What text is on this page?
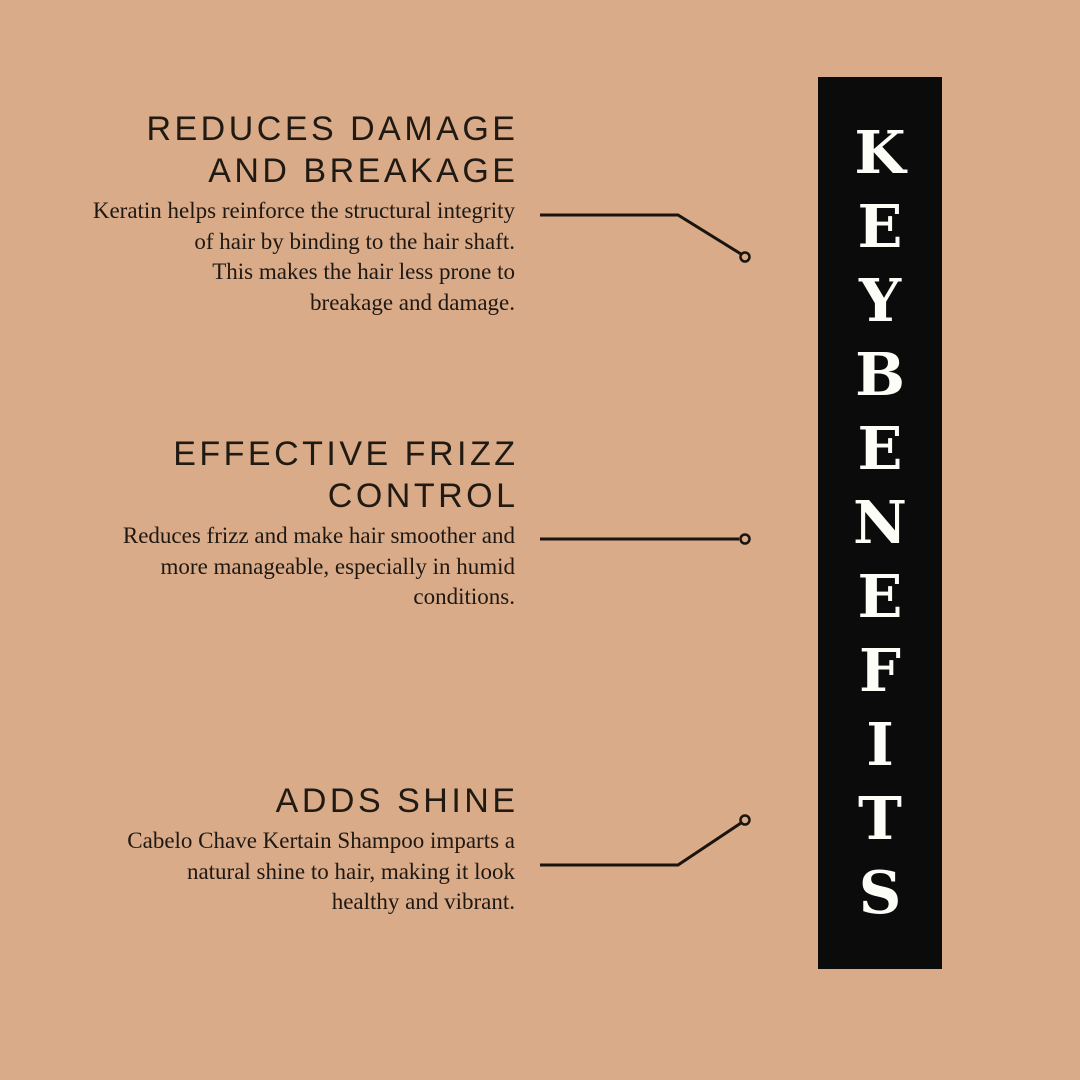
REDUCES DAMAGE
AND BREAKAGE

Keratin helps reinforce the structural integrity
of hair by binding to the hair shaft.
This makes the hair less prone to
breakage and damage.

EFFECTIVE FRIZZ
CONTROL

Reduces frizz and make hair smoother and
more manageable, especially in humid
conditions.

ADDS SHINE

Cabelo Chave Kertain Shampoo imparts a
natural shine to hair, making it look
healthy and vibrant.

K
E
Y
B
E
N
E
F
I
T
S
